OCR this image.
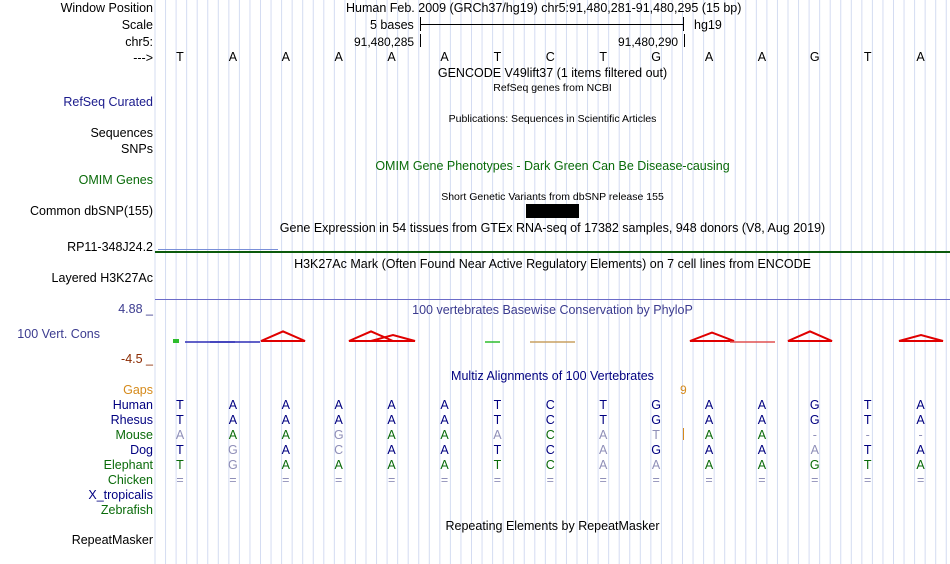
Window Position
Scale
chr5:
--->
RefSeq Curated
Sequences
SNPs
OMIM Genes
Common dbSNP(155)
RP11-348J24.2
Layered H3K27Ac
4.88 _
100 Vert. Cons
-4.5 _
Gaps
RepeatMasker
Human Feb. 2009 (GRCh37/hg19) chr5:91,480,281-91,480,295 (15 bp)
5 bases	hg19
91,480,285	91,480,290
T	A	A	A	A	A	T	C	T	G	A	A	G	T	A
GENCODE V49lift37 (1 items filtered out)
RefSeq genes from NCBI
Publications: Sequences in Scientific Articles
OMIM Gene Phenotypes - Dark Green Can Be Disease-causing
Short Genetic Variants from dbSNP release 155
Gene Expression in 54 tissues from GTEx RNA-seq of 17382 samples, 948 donors (V8, Aug 2019)
H3K27Ac Mark (Often Found Near Active Regulatory Elements) on 7 cell lines from ENCODE
100 vertebrates Basewise Conservation by PhyloP
Multiz Alignments of 100 Vertebrates
9
Human	T	A	A	A	A	A	T	C	T	G	A	A	G	T	A
Rhesus	T	A	A	A	A	A	T	C	T	G	A	A	G	T	A
Mouse	A	A	A	G	A	A	A	C	A	T	A	A	-	-	-
Dog	T	G	A	C	A	A	T	C	A	G	A	A	A	T	A
Elephant	T	G	A	A	A	A	T	C	A	A	A	A	G	T	A
Chicken	=	=	=	=	=	=	=	=	=	=	=	=	=	=	=
X_tropicalis
Zebrafish
Repeating Elements by RepeatMasker
